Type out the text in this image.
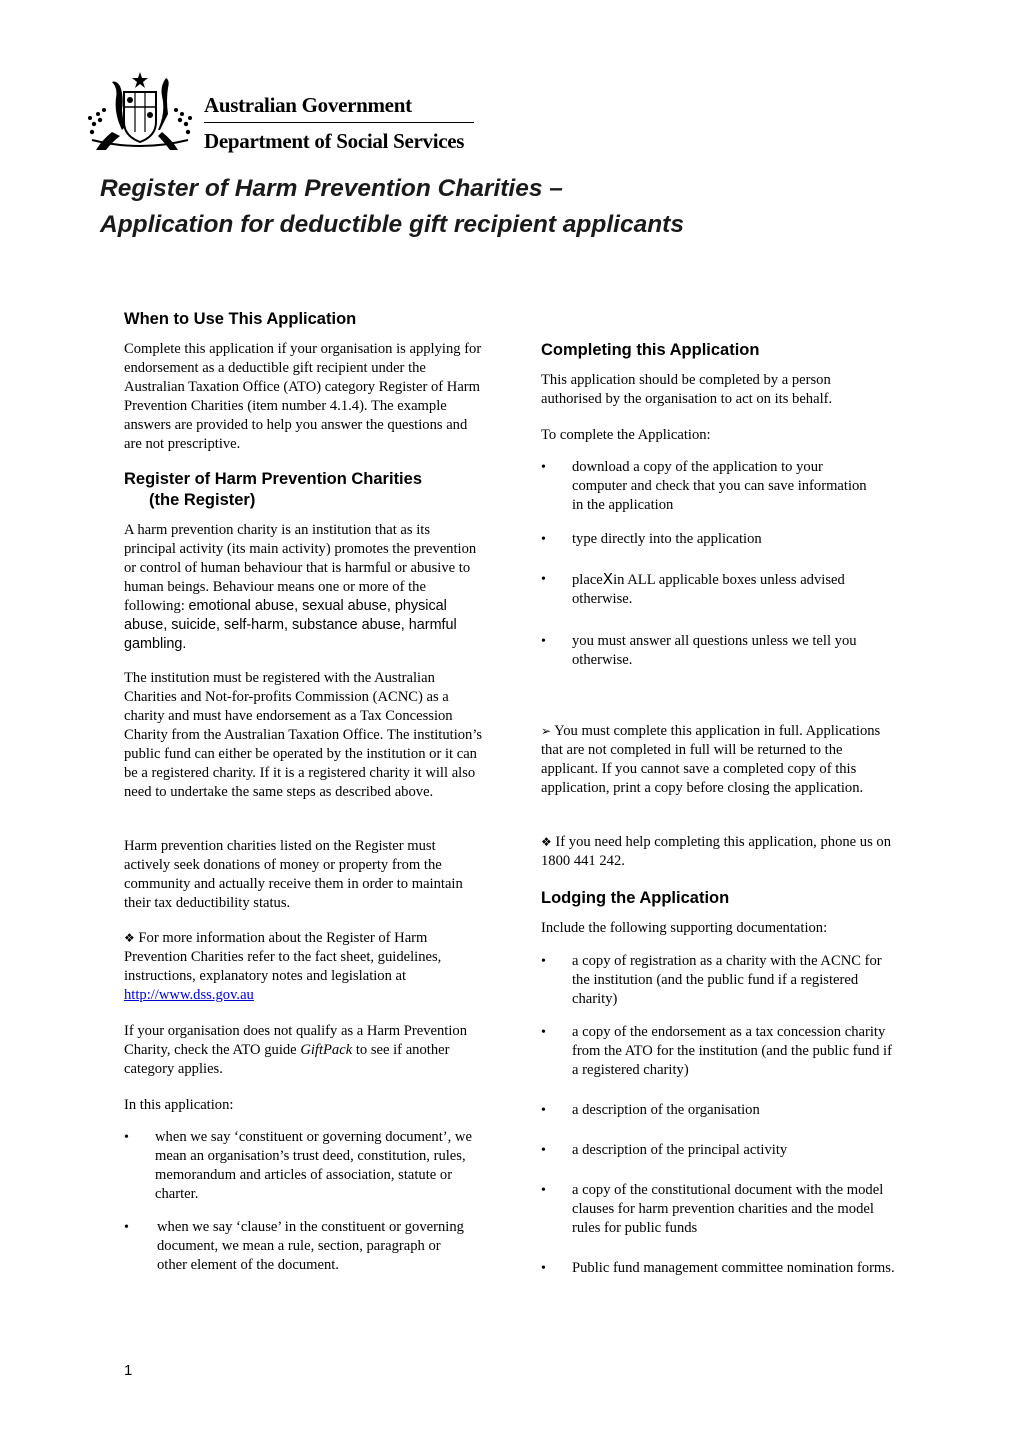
Australian Government
Department of Social Services
Register of Harm Prevention Charities –
Application for deductible gift recipient applicants
When to Use This Application

Complete this application if your organisation is applying for endorsement as a deductible gift recipient under the Australian Taxation Office (ATO) category Register of Harm Prevention Charities (item number 4.1.4). The example answers are provided to help you answer the questions and are not prescriptive.

Register of Harm Prevention Charities
(the Register)

A harm prevention charity is an institution that as its principal activity (its main activity) promotes the prevention or control of human behaviour that is harmful or abusive to human beings. Behaviour means one or more of the following: emotional abuse, sexual abuse, physical abuse, suicide, self-harm, substance abuse, harmful gambling.

The institution must be registered with the Australian Charities and Not-for-profits Commission (ACNC) as a charity and must have endorsement as a Tax Concession Charity from the Australian Taxation Office. The institution’s public fund can either be operated by the institution or it can be a registered charity. If it is a registered charity it will also need to undertake the same steps as described above.

Harm prevention charities listed on the Register must actively seek donations of money or property from the community and actually receive them in order to maintain their tax deductibility status.

❖ For more information about the Register of Harm Prevention Charities refer to the fact sheet, guidelines, instructions, explanatory notes and legislation at
http://www.dss.gov.au

If your organisation does not qualify as a Harm Prevention Charity, check the ATO guide GiftPack to see if another category applies.

In this application:

• when we say ‘constituent or governing document’, we mean an organisation’s trust deed, constitution, rules, memorandum and articles of association, statute or charter.
• when we say ‘clause’ in the constituent or governing document, we mean a rule, section, paragraph or other element of the document.
Completing this Application

This application should be completed by a person authorised by the organisation to act on its behalf.

To complete the Application:

• download a copy of the application to your computer and check that you can save information in the application
• type directly into the application
• placeXin ALL applicable boxes unless advised otherwise.
• you must answer all questions unless we tell you otherwise.

➢ You must complete this application in full. Applications that are not completed in full will be returned to the applicant. If you cannot save a completed copy of this application, print a copy before closing the application.

❖ If you need help completing this application, phone us on 1800 441 242.

Lodging the Application

Include the following supporting documentation:

• a copy of registration as a charity with the ACNC for the institution (and the public fund if a registered charity)
• a copy of the endorsement as a tax concession charity from the ATO for the institution (and the public fund if a registered charity)
• a description of the organisation
• a description of the principal activity
• a copy of the constitutional document with the model clauses for harm prevention charities and the model rules for public funds
• Public fund management committee nomination forms.
1
